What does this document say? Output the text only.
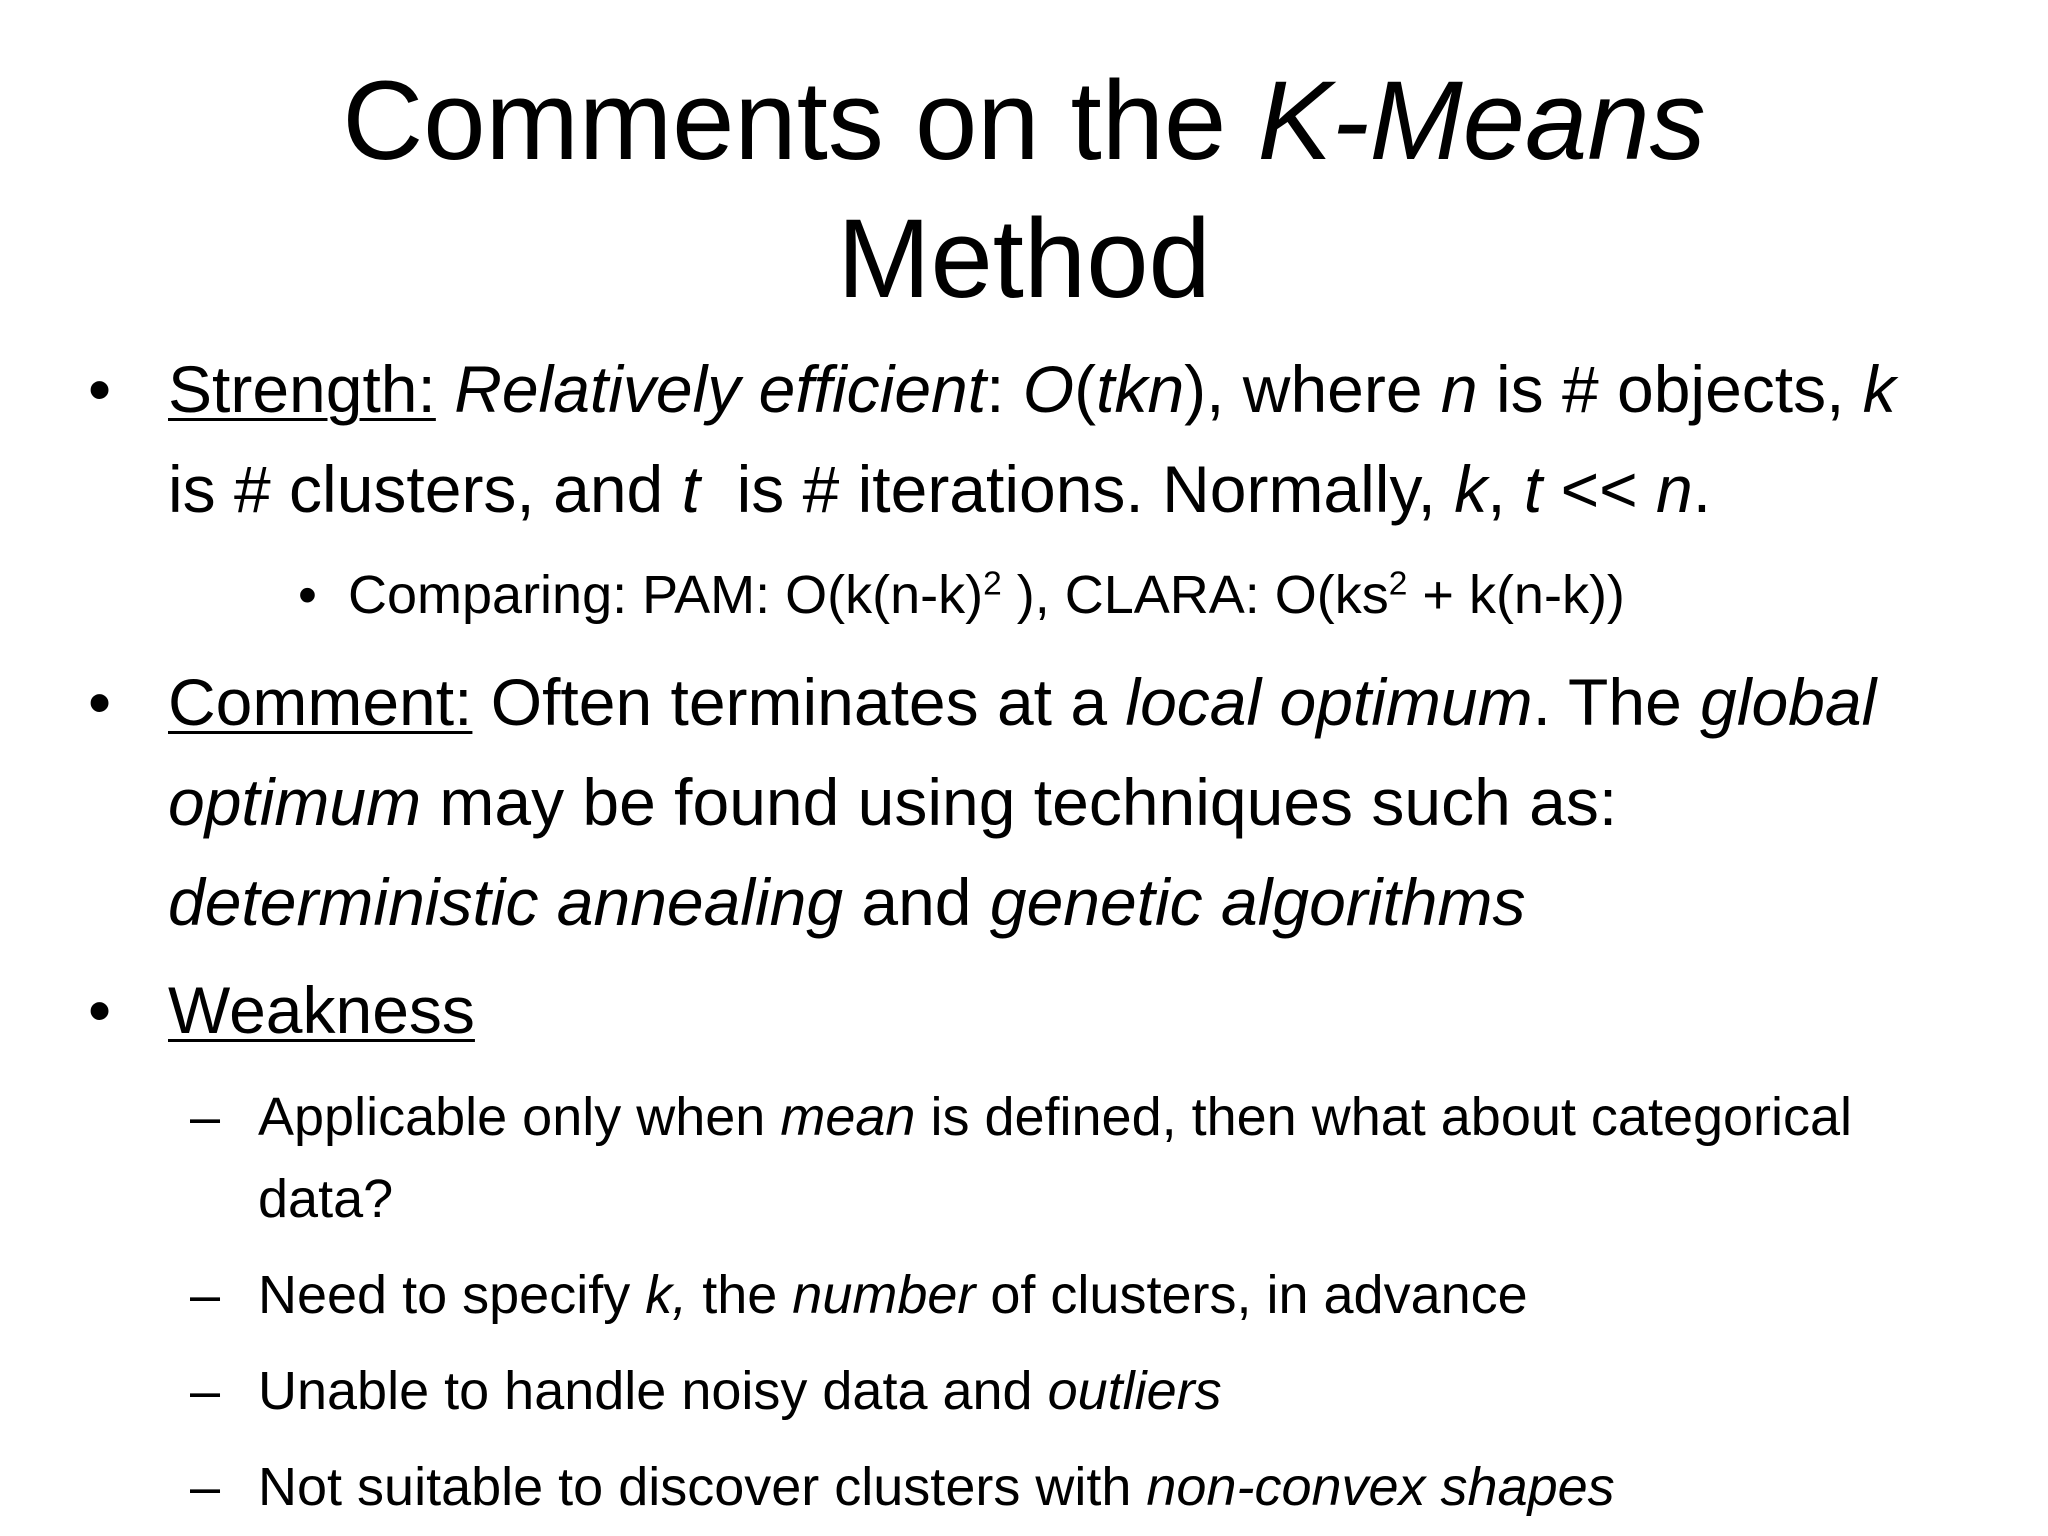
Comments on the K-Means
Method
• Strength: Relatively efficient: O(tkn), where n is # objects, k
is # clusters, and t  is # iterations. Normally, k, t << n.
• Comparing: PAM: $O(k(n-k)^2$ ), CLARA: $O(ks^2 + k(n-k))$
• Comment: Often terminates at a local optimum. The global
optimum may be found using techniques such as:
deterministic annealing and genetic algorithms
• Weakness
– Applicable only when mean is defined, then what about categorical
data?
– Need to specify k, the number of clusters, in advance
– Unable to handle noisy data and outliers
– Not suitable to discover clusters with non-convex shapes
